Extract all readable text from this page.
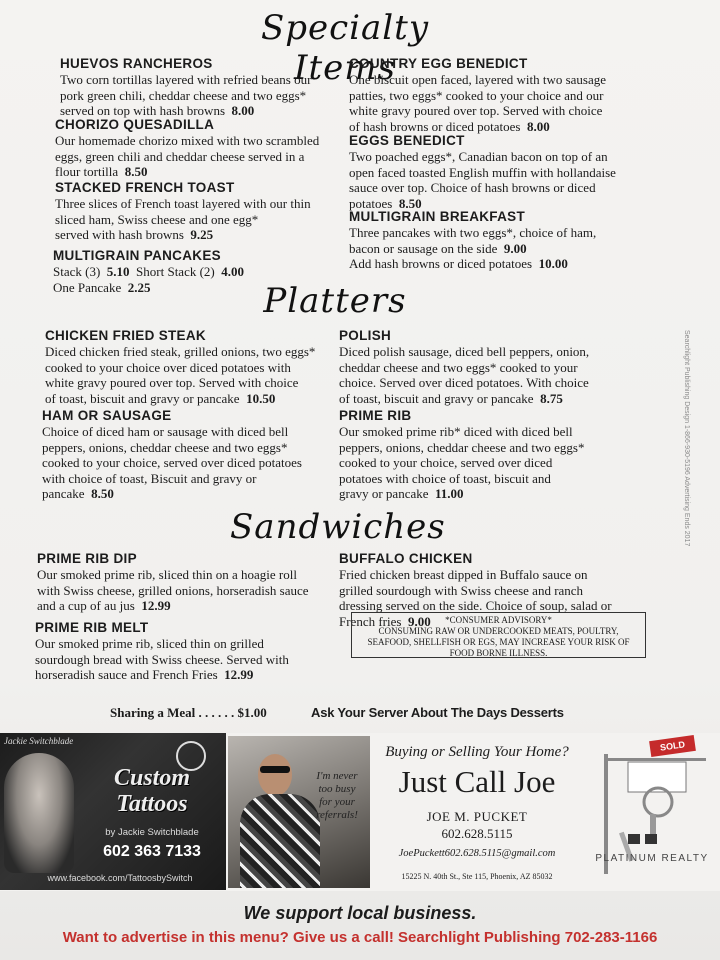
Specialty Items
Platters
Sandwiches
HUEVOS RANCHEROS
Two corn tortillas layered with refried beans our
pork green chili, cheddar cheese and two eggs*
served on top with hash browns 8.00
CHORIZO QUESADILLA
Our homemade chorizo mixed with two scrambled
eggs, green chili and cheddar cheese served in a
flour tortilla 8.50
STACKED FRENCH TOAST
Three slices of French toast layered with our thin
sliced ham, Swiss cheese and one egg*
served with hash browns 9.25
MULTIGRAIN PANCAKES
Stack (3) 5.10 Short Stack (2) 4.00
One Pancake 2.25
COUNTRY EGG BENEDICT
One biscuit open faced, layered with two sausage
patties, two eggs* cooked to your choice and our
white gravy poured over top. Served with choice
of hash browns or diced potatoes 8.00
EGGS BENEDICT
Two poached eggs*, Canadian bacon on top of an
open faced toasted English muffin with hollandaise
sauce over top. Choice of hash browns or diced
potatoes 8.50
MULTIGRAIN BREAKFAST
Three pancakes with two eggs*, choice of ham,
bacon or sausage on the side 9.00
Add hash browns or diced potatoes 10.00
CHICKEN FRIED STEAK
Diced chicken fried steak, grilled onions, two eggs*
cooked to your choice over diced potatoes with
white gravy poured over top. Served with choice
of toast, biscuit and gravy or pancake 10.50
HAM OR SAUSAGE
Choice of diced ham or sausage with diced bell
peppers, onions, cheddar cheese and two eggs*
cooked to your choice, served over diced potatoes
with choice of toast, Biscuit and gravy or
pancake 8.50
POLISH
Diced polish sausage, diced bell peppers, onion,
cheddar cheese and two eggs* cooked to your
choice. Served over diced potatoes. With choice
of toast, biscuit and gravy or pancake 8.75
PRIME RIB
Our smoked prime rib* diced with diced bell
peppers, onions, cheddar cheese and two eggs*
cooked to your choice, served over diced
potatoes with choice of toast, biscuit and
gravy or pancake 11.00
PRIME RIB DIP
Our smoked prime rib, sliced thin on a hoagie roll
with Swiss cheese, grilled onions, horseradish sauce
and a cup of au jus 12.99
PRIME RIB MELT
Our smoked prime rib, sliced thin on grilled
sourdough bread with Swiss cheese. Served with
horseradish sauce and French Fries 12.99
BUFFALO CHICKEN
Fried chicken breast dipped in Buffalo sauce on
grilled sourdough with Swiss cheese and ranch
dressing served on the side. Choice of soup, salad or
French fries 9.00	*CONSUMER ADVISORY*
CONSUMING RAW OR UNDERCOOKED MEATS, POULTRY,
SEAFOOD, SHELLFISH OR EGS, MAY INCREASE YOUR RISK OF
FOOD BORNE ILLNESS.
Sharing a Meal . . . . . . $1.00	Ask Your Server About The Days Desserts
Jackie Switchblade
Custom
Tattoos
by Jackie Switchblade
602 363 7133
www.facebook.com/TattoosbySwitch
I'm never
too busy
for your
referrals!
Buying or Selling Your Home?
Just Call Joe
JOE M. PUCKET
602.628.5115
JoePuckett602.628.5115@gmail.com
15225 N. 40th St., Ste 115, Phoenix, AZ 85032
SOLD
PLATINUM REALTY
Searchlight Publishing Design 1-866-930-5196 Advertising Ends 2017
We support local business.
Want to advertise in this menu? Give us a call! Searchlight Publishing 702-283-1166
